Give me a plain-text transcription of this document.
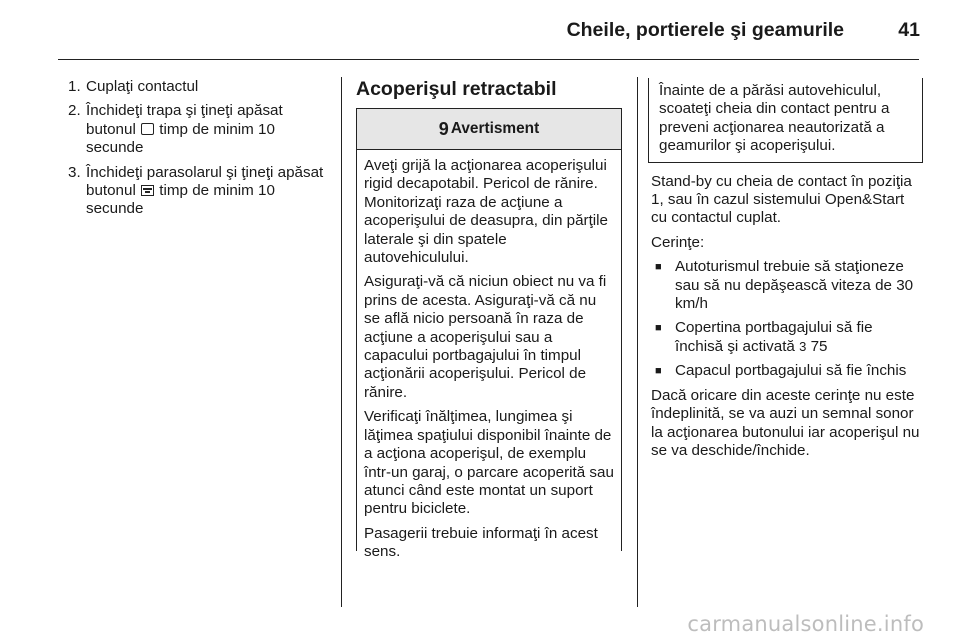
Cheile, portierele şi geamurile	41
1. Cuplaţi contactul
2. Închideţi trapa şi ţineţi apăsat butonul timp de minim 10 secunde
3. Închideţi parasolarul şi ţineţi apăsat butonul timp de minim 10 secunde
Acoperişul retractabil
9 Avertisment

Aveţi grijă la acţionarea acoperişului rigid decapotabil. Pericol de rănire. Monitorizaţi raza de acţiune a acoperişului de deasupra, din părţile laterale şi din spatele autovehiculului.

Asiguraţi-vă că niciun obiect nu va fi prins de acesta. Asiguraţi-vă că nu se află nicio persoană în raza de acţiune a acoperişului sau a capacului portbagajului în timpul acţionării acoperişului. Pericol de rănire.

Verificaţi înălţimea, lungimea şi lăţimea spaţiului disponibil înainte de a acţiona acoperişul, de exemplu într-un garaj, o parcare acoperită sau atunci când este montat un suport pentru biciclete.

Pasagerii trebuie informaţi în acest sens.

Înainte de a părăsi autovehiculul, scoateţi cheia din contact pentru a preveni acţionarea neautorizată a geamurilor şi acoperişului.

Stand-by cu cheia de contact în poziţia 1, sau în cazul sistemului Open&Start cu contactul cuplat.

Cerinţe:

■ Autoturismul trebuie să staţioneze sau să nu depăşească viteza de 30 km/h
■ Copertina portbagajului să fie închisă şi activată 3 75
■ Capacul portbagajului să fie închis

Dacă oricare din aceste cerinţe nu este îndeplinită, se va auzi un semnal sonor la acţionarea butonului iar acoperişul nu se va deschide/închide.

carmanualsonline.info
